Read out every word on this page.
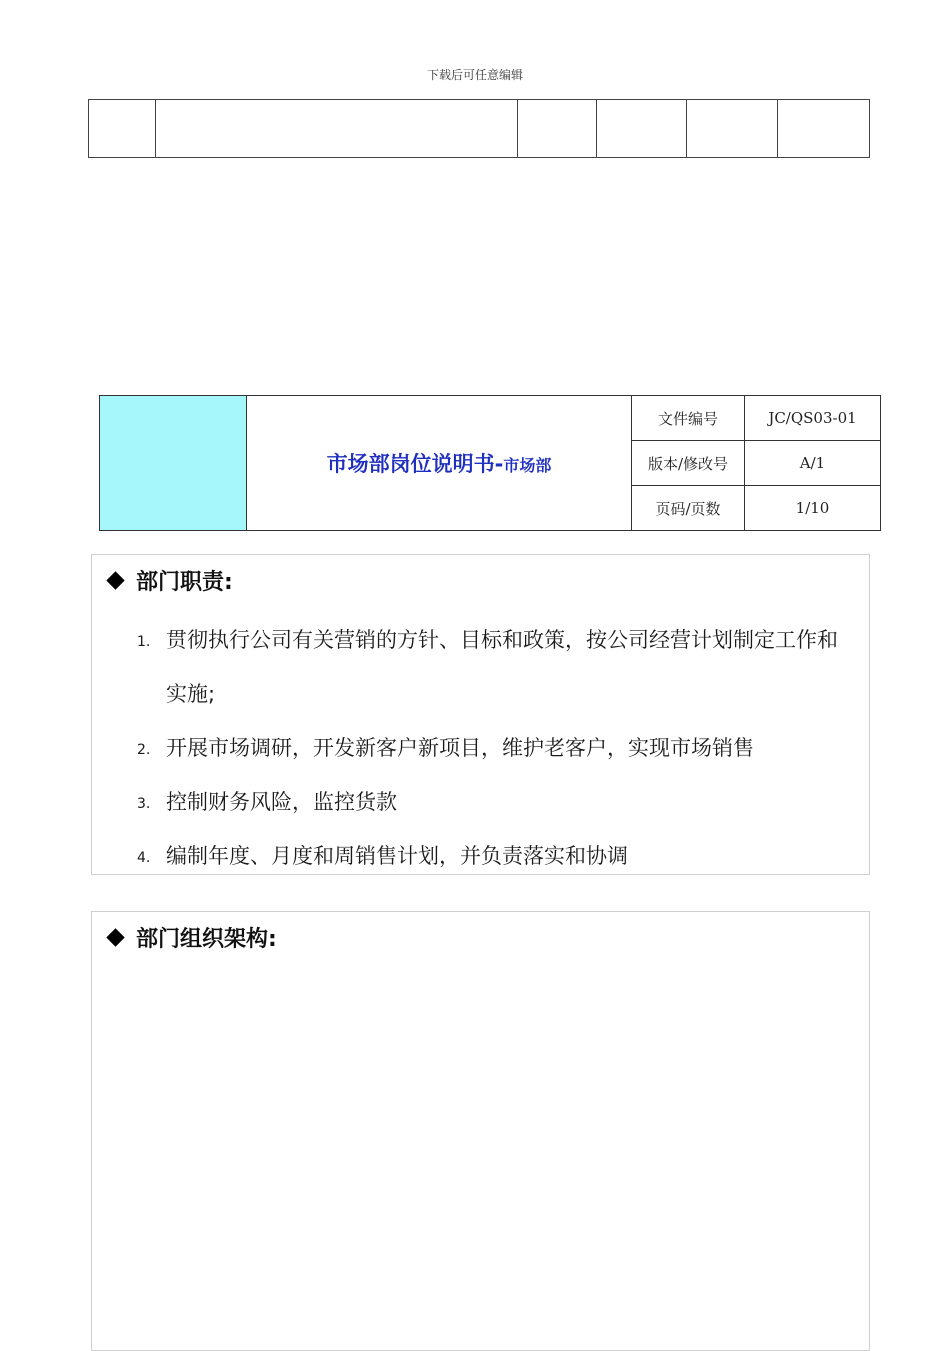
下载后可任意编辑

	市场部岗位说明书-市场部	文件编号	JC/QS03-01
		版本/修改号	A/1
		页码/页数	1/10
部门职责:
1. 贯彻执行公司有关营销的方针、目标和政策，按公司经营计划制定工作和实施;
2. 开展市场调研，开发新客户新项目，维护老客户，实现市场销售
3. 控制财务风险，监控货款
4. 编制年度、月度和周销售计划，并负责落实和协调
部门组织架构:
